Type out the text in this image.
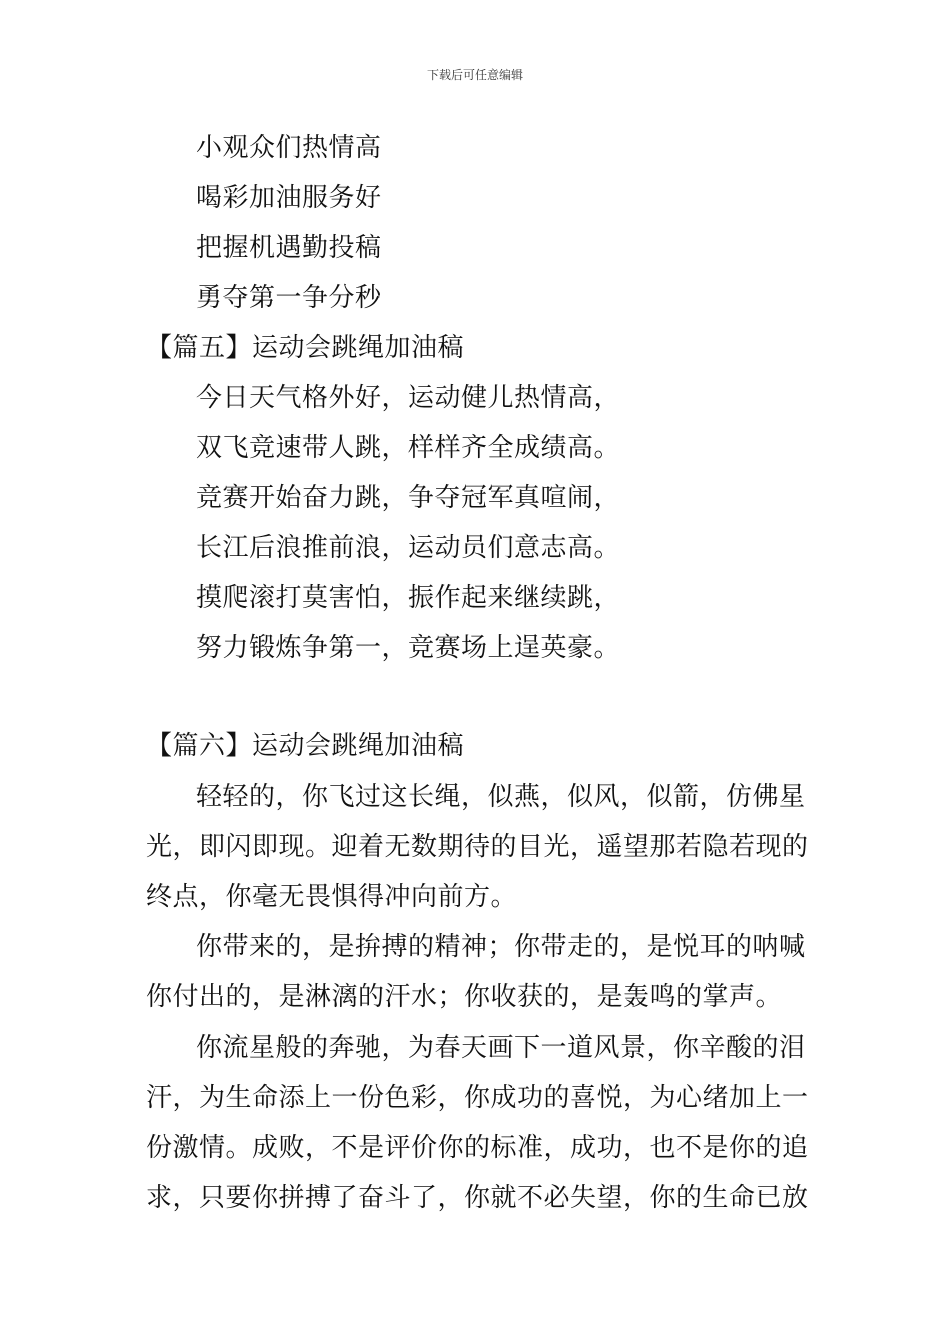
下载后可任意编辑
小观众们热情高
喝彩加油服务好
把握机遇勤投稿
勇夺第一争分秒
【篇五】运动会跳绳加油稿
今日天气格外好，运动健儿热情高，
双飞竞速带人跳，样样齐全成绩高。
竞赛开始奋力跳，争夺冠军真喧闹，
长江后浪推前浪，运动员们意志高。
摸爬滚打莫害怕，振作起来继续跳，
努力锻炼争第一，竞赛场上逞英豪。
【篇六】运动会跳绳加油稿
轻轻的，你飞过这长绳，似燕，似风，似箭，仿佛星
光，即闪即现。迎着无数期待的目光，遥望那若隐若现的
终点，你毫无畏惧得冲向前方。
你带来的，是拚搏的精神；你带走的，是悦耳的呐喊
你付出的，是淋漓的汗水；你收获的，是轰鸣的掌声。
你流星般的奔驰，为春天画下一道风景，你辛酸的泪
汗，为生命添上一份色彩，你成功的喜悦，为心绪加上一
份激情。成败，不是评价你的标准，成功，也不是你的追
求，只要你拼搏了奋斗了，你就不必失望，你的生命已放
